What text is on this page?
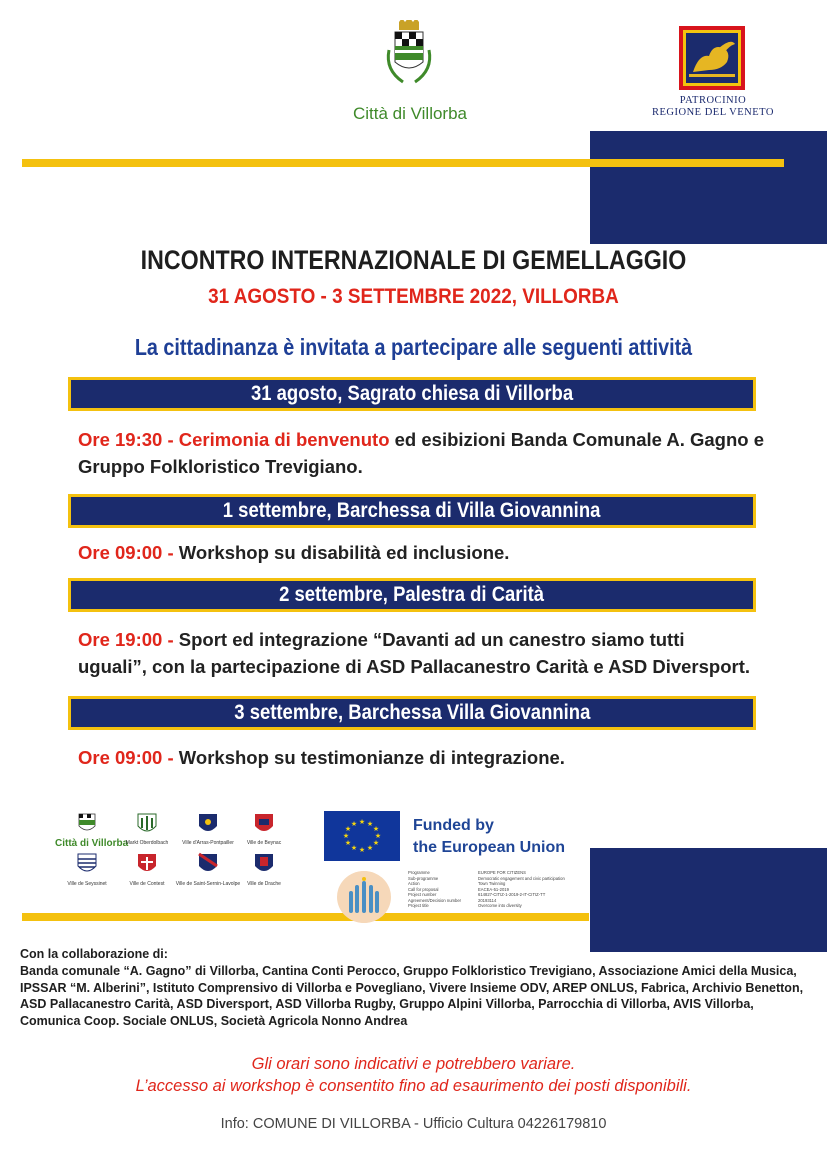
Città di Villorba
PATROCINIO
REGIONE DEL VENETO
INCONTRO INTERNAZIONALE DI GEMELLAGGIO
31 AGOSTO - 3 SETTEMBRE 2022, VILLORBA
La cittadinanza è invitata a partecipare alle seguenti attività
31 agosto, Sagrato chiesa di Villorba
Ore 19:30 - Cerimonia di benvenuto ed esibizioni Banda Comunale A. Gagno e Gruppo Folkloristico Trevigiano.
1 settembre, Barchessa di Villa Giovannina
Ore 09:00 - Workshop su disabilità ed inclusione.
2 settembre, Palestra di Carità
Ore 19:00 - Sport ed integrazione “Davanti ad un canestro siamo tutti uguali”, con la partecipazione di ASD Pallacanestro Carità e ASD Diversport.
3 settembre, Barchessa Villa Giovannina
Ore 09:00 - Workshop su testimonianze di integrazione.
Città di Villorba
Markt Oberdolbach	Ville d'Arras-Pontpailler	Ville de Beynac
Ville de Seyssinet	Ville de Contest	Ville de Saint-Sernin-Lavolpe	Ville de Drache
★ ★
★
★
★
★
★
★
★
★
★
★	Funded by
the European Union
Programme	EUROPE FOR CITIZENS
Sub-programme	Democratic engagement and civic participation
Action	Town Twinning
Call for proposal	EACEA-51-2019
Project number	614827-CITIZ-1-2019-2-IT-CITIZ-TT
Agreement/Decision number	20193114
Project title	Overcome into diversity
Con la collaborazione di:
Banda comunale “A. Gagno” di Villorba, Cantina Conti Perocco, Gruppo Folkloristico Trevigiano, Associazione Amici della Musica, IPSSAR “M. Alberini”, Istituto Comprensivo di Villorba e Povegliano, Vivere Insieme ODV, AREP ONLUS, Fabrica, Archivio Benetton, ASD Pallacanestro Carità, ASD Diversport, ASD Villorba Rugby, Gruppo Alpini Villorba, Parrocchia di Villorba, AVIS Villorba, Comunica Coop. Sociale ONLUS, Società Agricola Nonno Andrea
Gli orari sono indicativi e potrebbero variare.
L’accesso ai workshop è consentito fino ad esaurimento dei posti disponibili.
Info: COMUNE DI VILLORBA - Ufficio Cultura 04226179810
